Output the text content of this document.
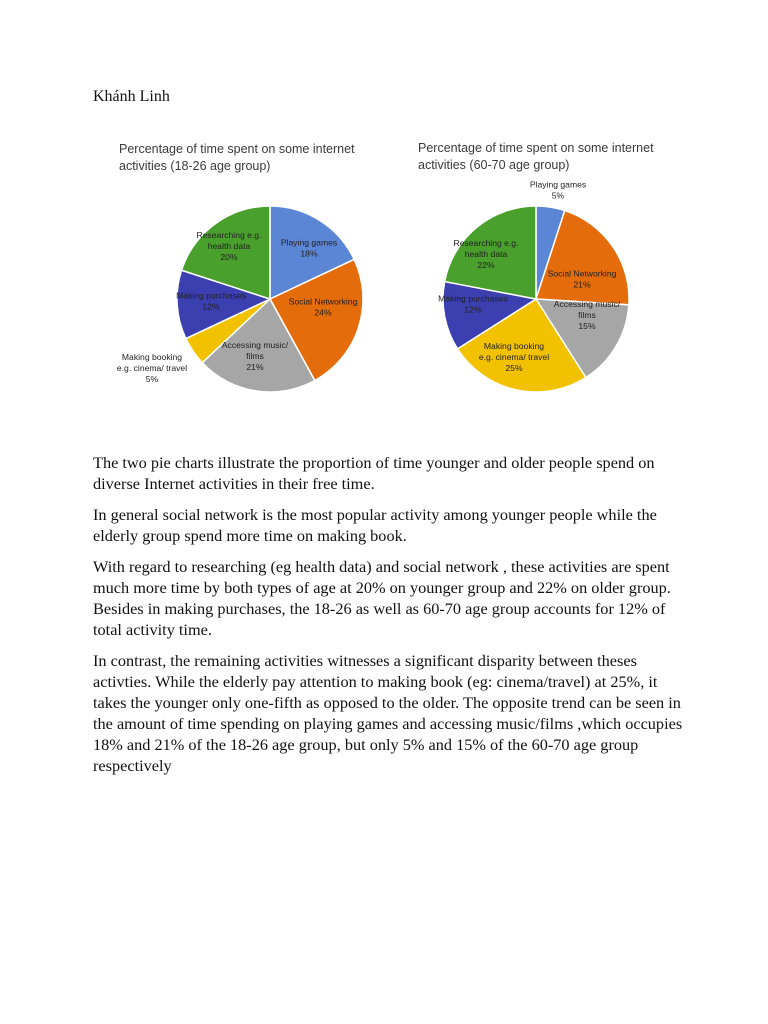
Khánh Linh
Percentage of time spent on some internet activities (18-26 age group)
Playing games 18%
Social Networking 24%
Accessing music/ films 21%
Making booking e.g. cinema/ travel 5%
Making purchases 12%
Researching e.g. health data 20%
Percentage of time spent on some internet activities (60-70 age group)
Playing games 5%
Social Networking 21%
Accessing music/ films 15%
Making booking e.g. cinema/ travel 25%
Making purchases 12%
Researching e.g. health data 22%

The two pie charts illustrate the proportion of time younger and older people spend on diverse Internet activities in their free time.

In general social network is the most popular activity among younger people while the elderly group spend more time on making book.

With regard to researching (eg health data) and social network , these activities are spent much more time by both types of age at 20% on younger group and 22% on older group. Besides in making purchases, the 18-26 as well as 60-70 age group accounts for 12% of total activity time.

In contrast, the remaining activities witnesses a significant disparity between theses activties. While the elderly pay attention to making book (eg: cinema/travel) at 25%, it takes the younger only one-fifth as opposed to the older. The opposite trend can be seen in the amount of time spending on playing games and accessing music/films ,which occupies 18% and 21% of the 18-26 age group, but only 5% and 15% of the 60-70 age group respectively
